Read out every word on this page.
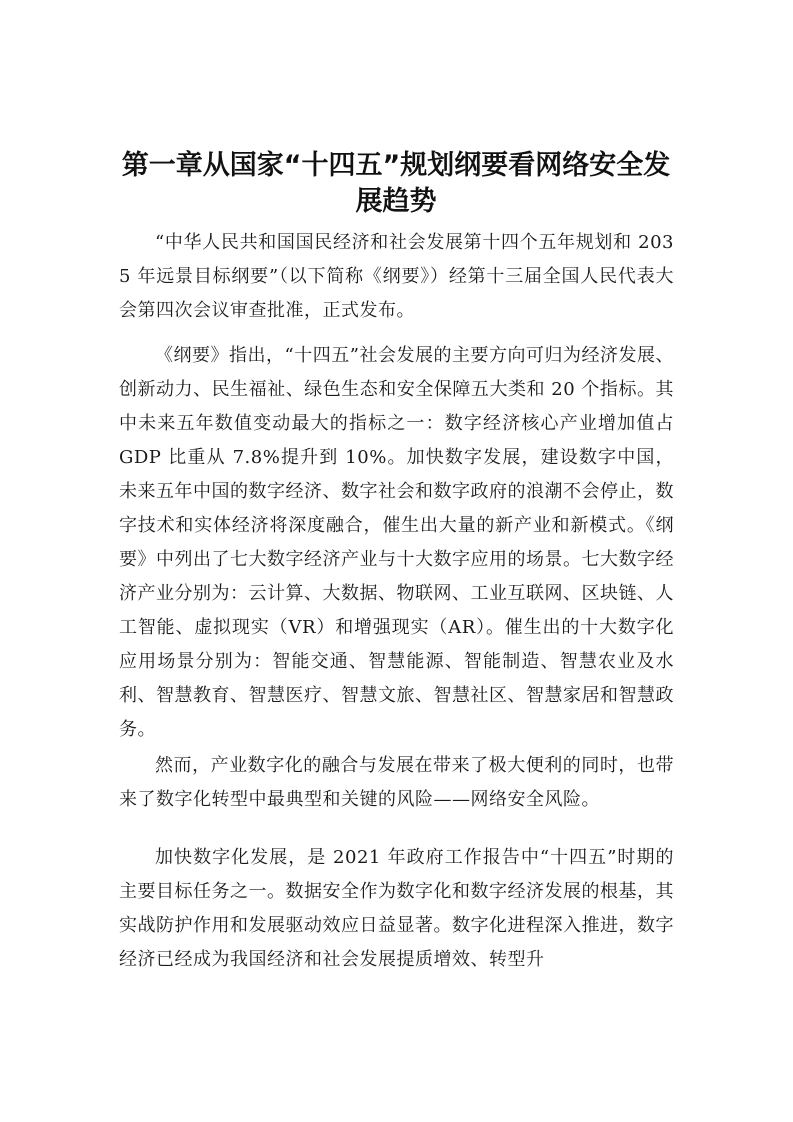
第一章从国家“十四五”规划纲要看网络安全发展趋势

“中华人民共和国国民经济和社会发展第十四个五年规划和 2035 年远景目标纲要”（以下简称《纲要》）经第十三届全国人民代表大会第四次会议审查批准，正式发布。

《纲要》指出，“十四五”社会发展的主要方向可归为经济发展、创新动力、民生福祉、绿色生态和安全保障五大类和 20 个指标。其中未来五年数值变动最大的指标之一：数字经济核心产业增加值占 GDP 比重从 7.8%提升到 10%。加快数字发展，建设数字中国，未来五年中国的数字经济、数字社会和数字政府的浪潮不会停止，数字技术和实体经济将深度融合，催生出大量的新产业和新模式。《纲要》中列出了七大数字经济产业与十大数字应用的场景。七大数字经济产业分别为：云计算、大数据、物联网、工业互联网、区块链、人工智能、虚拟现实（VR）和增强现实（AR）。催生出的十大数字化应用场景分别为：智能交通、智慧能源、智能制造、智慧农业及水利、智慧教育、智慧医疗、智慧文旅、智慧社区、智慧家居和智慧政务。

然而，产业数字化的融合与发展在带来了极大便利的同时，也带来了数字化转型中最典型和关键的风险——网络安全风险。

加快数字化发展，是 2021 年政府工作报告中“十四五”时期的主要目标任务之一。数据安全作为数字化和数字经济发展的根基，其实战防护作用和发展驱动效应日益显著。数字化进程深入推进，数字经济已经成为我国经济和社会发展提质增效、转型升
